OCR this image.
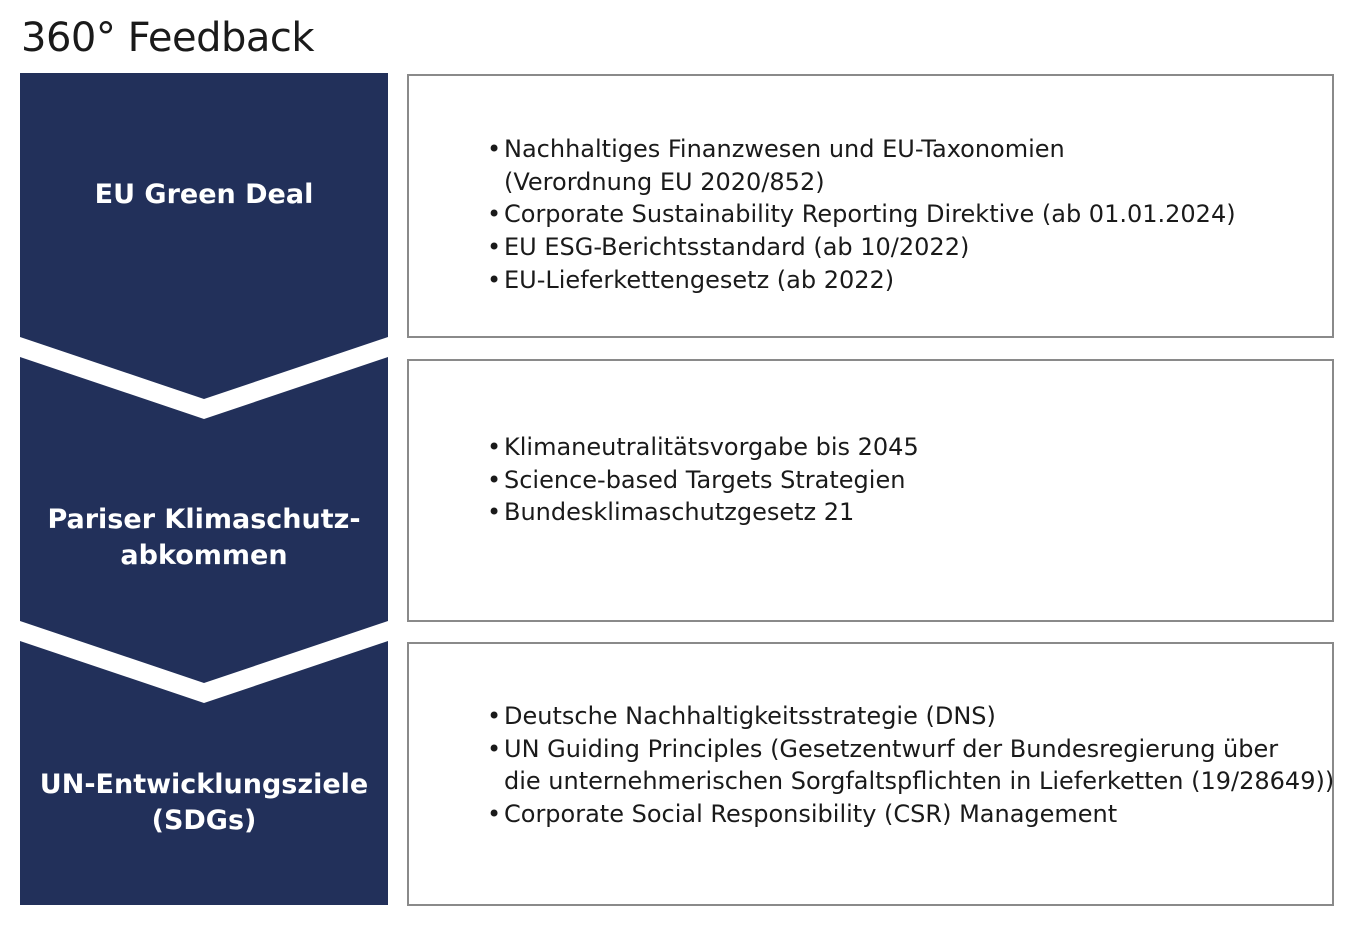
360° Feedback
EU Green Deal
• Nachhaltiges Finanzwesen und EU-Taxonomien
(Verordnung EU 2020/852)
• Corporate Sustainability Reporting Direktive (ab 01.01.2024)
• EU ESG-Berichtsstandard (ab 10/2022)
• EU-Lieferkettengesetz (ab 2022)
Pariser Klimaschutz-
abkommen
• Klimaneutralitätsvorgabe bis 2045
• Science-based Targets Strategien
• Bundesklimaschutzgesetz 21
UN-Entwicklungsziele
(SDGs)
• Deutsche Nachhaltigkeitsstrategie (DNS)
• UN Guiding Principles (Gesetzentwurf der Bundesregierung über
die unternehmerischen Sorgfaltspflichten in Lieferketten (19/28649))
• Corporate Social Responsibility (CSR) Management
